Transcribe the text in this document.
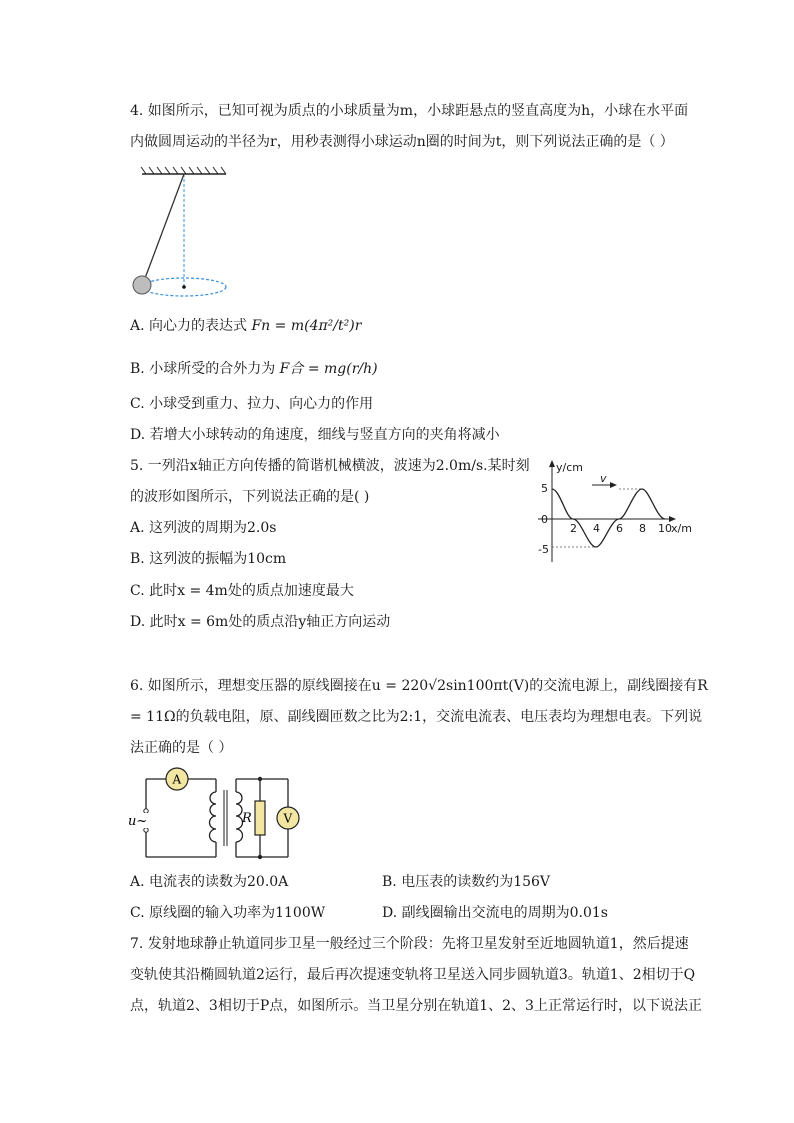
4. 如图所示，已知可视为质点的小球质量为m，小球距悬点的竖直高度为h，小球在水平面
内做圆周运动的半径为r，用秒表测得小球运动n圈的时间为t，则下列说法正确的是（ ）
A. 向心力的表达式 Fn = m(4π²/t²)r
B. 小球所受的合外力为 F合 = mg(r/h)
C. 小球受到重力、拉力、向心力的作用
D. 若增大小球转动的角速度，细线与竖直方向的夹角将减小
5. 一列沿x轴正方向传播的简谐机械横波，波速为2.0m/s.某时刻
的波形如图所示，下列说法正确的是( )
A. 这列波的周期为2.0s
B. 这列波的振幅为10cm
C. 此时x = 4m处的质点加速度最大
D. 此时x = 6m处的质点沿y轴正方向运动
y/cm
x/m
v
5
0
-5
2 4 6 8 10
6. 如图所示，理想变压器的原线圈接在u = 220√2sin100πt(V)的交流电源上，副线圈接有R
= 11Ω的负载电阻，原、副线圈匝数之比为2:1，交流电流表、电压表均为理想电表。下列说
法正确的是（ ）
A
R	V
u~
A. 电流表的读数为20.0A	B. 电压表的读数约为156V
C. 原线圈的输入功率为1100W	D. 副线圈输出交流电的周期为0.01s
7. 发射地球静止轨道同步卫星一般经过三个阶段：先将卫星发射至近地圆轨道1，然后提速
变轨使其沿椭圆轨道2运行，最后再次提速变轨将卫星送入同步圆轨道3。轨道1、2相切于Q
点，轨道2、3相切于P点，如图所示。当卫星分别在轨道1、2、3上正常运行时，以下说法正
